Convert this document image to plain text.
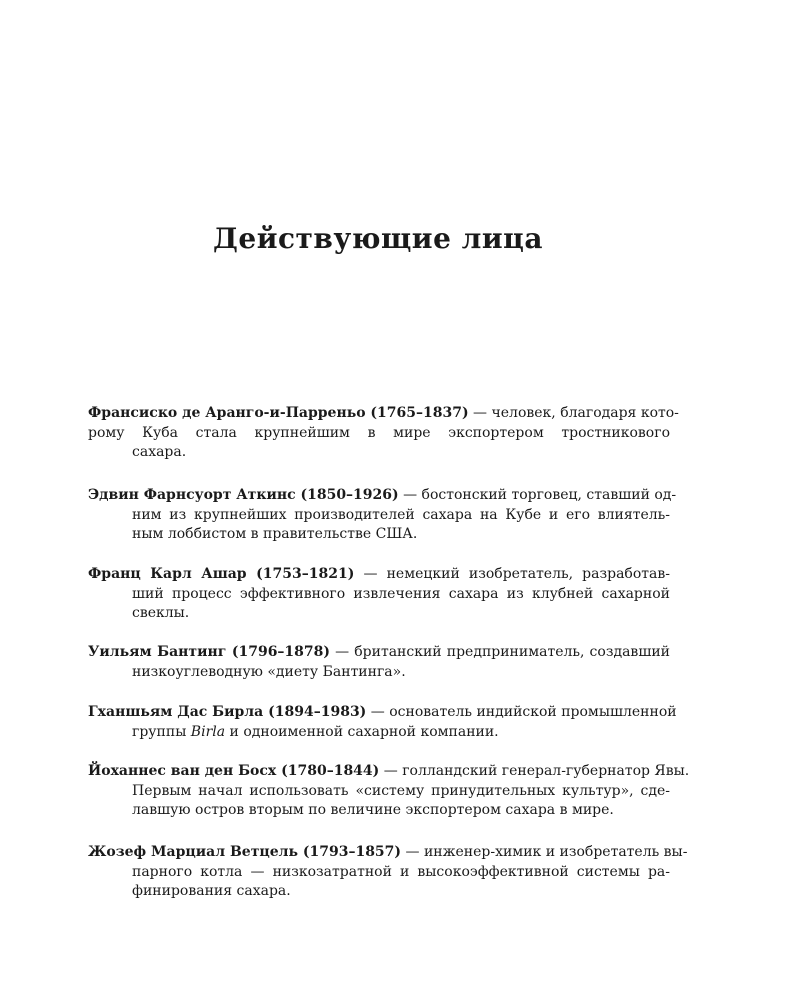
Действующие лица

Франсиско де Аранго-и-Парреньо (1765–1837) — человек, благодаря кото-
рому Куба стала крупнейшим в мире экспортером тростникового
сахара.

Эдвин Фарнсуорт Аткинс (1850–1926) — бостонский торговец, ставший од-
ним из крупнейших производителей сахара на Кубе и его влиятель-
ным лоббистом в правительстве США.

Франц Карл Ашар (1753–1821) — немецкий изобретатель, разработав-
ший процесс эффективного извлечения сахара из клубней сахарной
свеклы.

Уильям Бантинг (1796–1878) — британский предприниматель, создавший
низкоуглеводную «диету Бантинга».

Гханшьям Дас Бирла (1894–1983) — основатель индийской промышленной
группы Birla и одноименной сахарной компании.

Йоханнес ван ден Босх (1780–1844) — голландский генерал-губернатор Явы.
Первым начал использовать «систему принудительных культур», сде-
лавшую остров вторым по величине экспортером сахара в мире.

Жозеф Марциал Ветцель (1793–1857) — инженер-химик и изобретатель вы-
парного котла — низкозатратной и высокоэффективной системы ра-
финирования сахара.
